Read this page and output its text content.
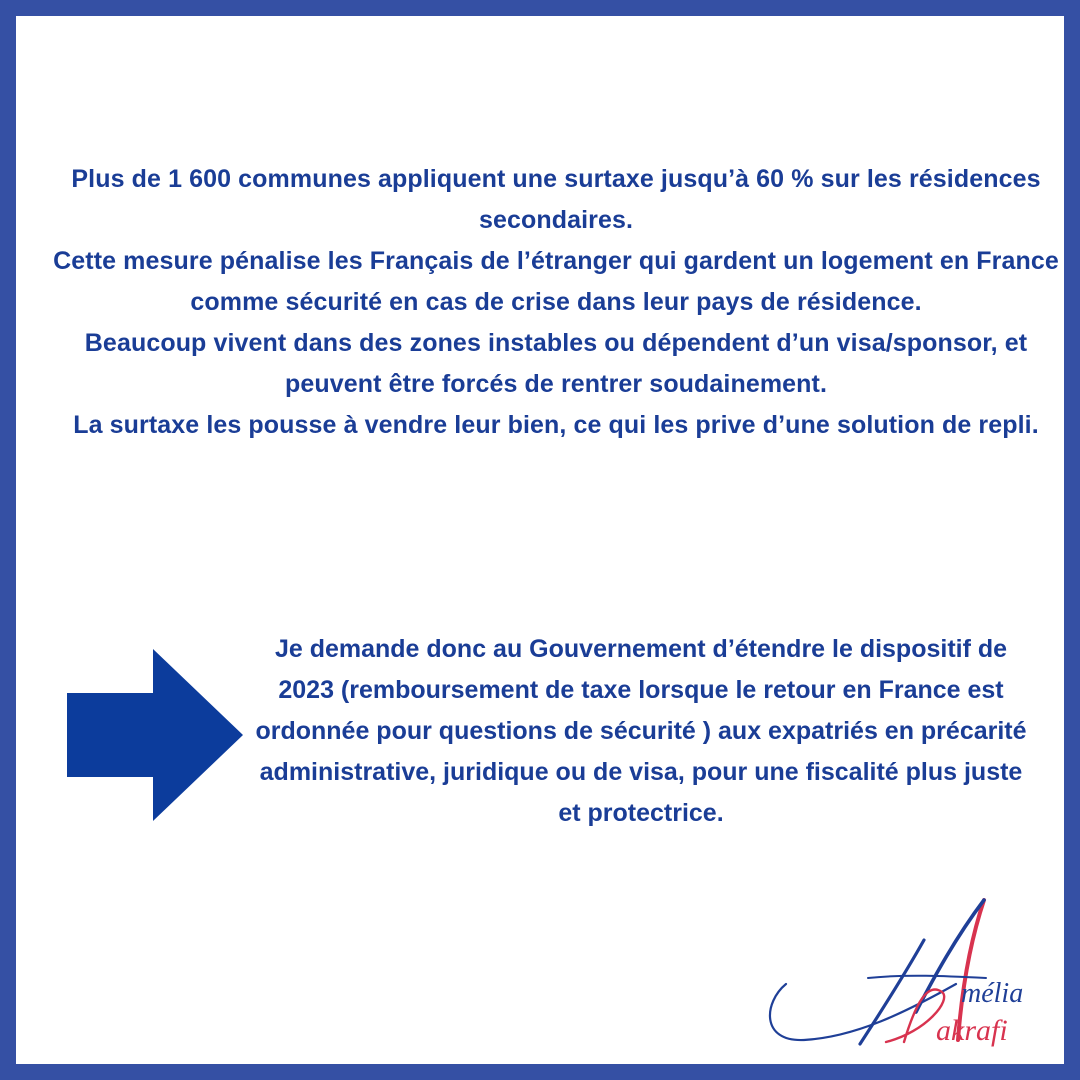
Plus de 1 600 communes appliquent une surtaxe jusqu’à 60 % sur les résidences secondaires.

Cette mesure pénalise les Français de l’étranger qui gardent un logement en France comme sécurité en cas de crise dans leur pays de résidence.

Beaucoup vivent dans des zones instables ou dépendent d’un visa/sponsor, et peuvent être forcés de rentrer soudainement.

La surtaxe les pousse à vendre leur bien, ce qui les prive d’une solution de repli.

Je demande donc au Gouvernement d’étendre le dispositif de 2023 (remboursement de taxe lorsque le retour en France est ordonnée pour questions de sécurité ) aux expatriés en précarité administrative, juridique ou de visa, pour une fiscalité plus juste et protectrice.

mélia
akrafi
